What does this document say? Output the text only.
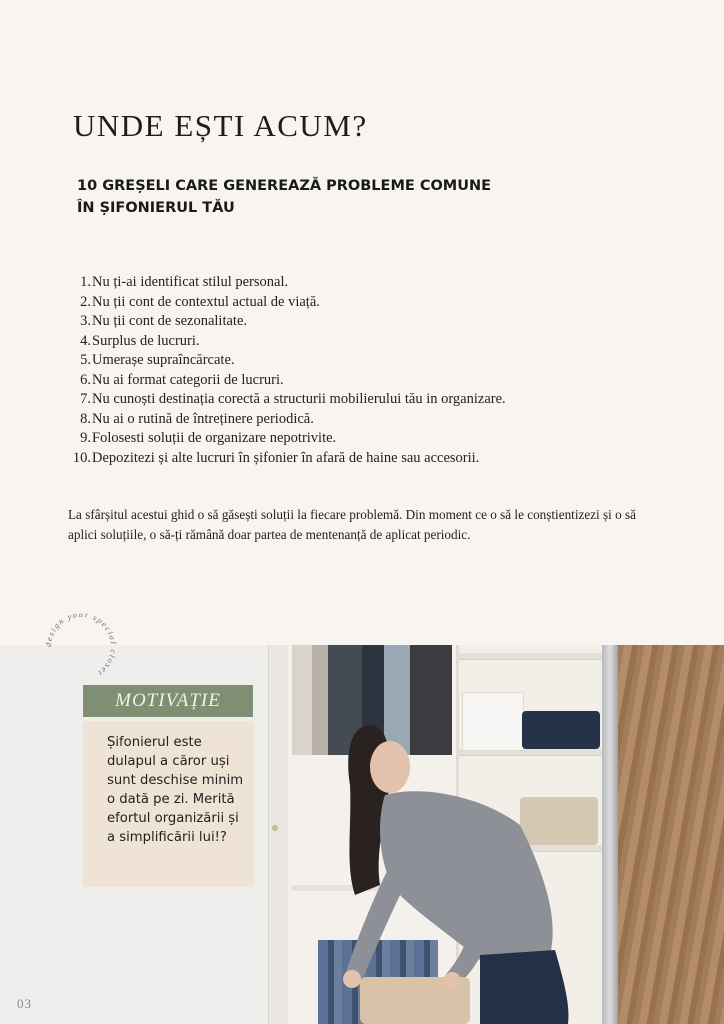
UNDE EȘTI ACUM?
10 GREȘELI CARE GENEREAZĂ PROBLEME COMUNE
ÎN ȘIFONIERUL TĂU
1. Nu ți-ai identificat stilul personal.
2. Nu ții cont de contextul actual de viață.
3. Nu ții cont de sezonalitate.
4. Surplus de lucruri.
5. Umerașe supraîncărcate.
6. Nu ai format categorii de lucruri.
7. Nu cunoști destinația corectă a structurii mobilierului tău in organizare.
8. Nu ai o rutină de întreținere periodică.
9. Folosesti soluții de organizare nepotrivite.
10. Depozitezi și alte lucruri în șifonier în afară de haine sau accesorii.

La sfârșitul acestui ghid o să găsești soluții la fiecare problemă. Din moment ce o să le conștientizezi și o să aplici soluțiile, o să-ți rămână doar partea de mentenanță de aplicat periodic.

design your special closet
MOTIVAȚIE
Șifonierul este dulapul a căror uși sunt deschise minim o dată pe zi. Merită efortul organizării și a simplificării lui!?
03
